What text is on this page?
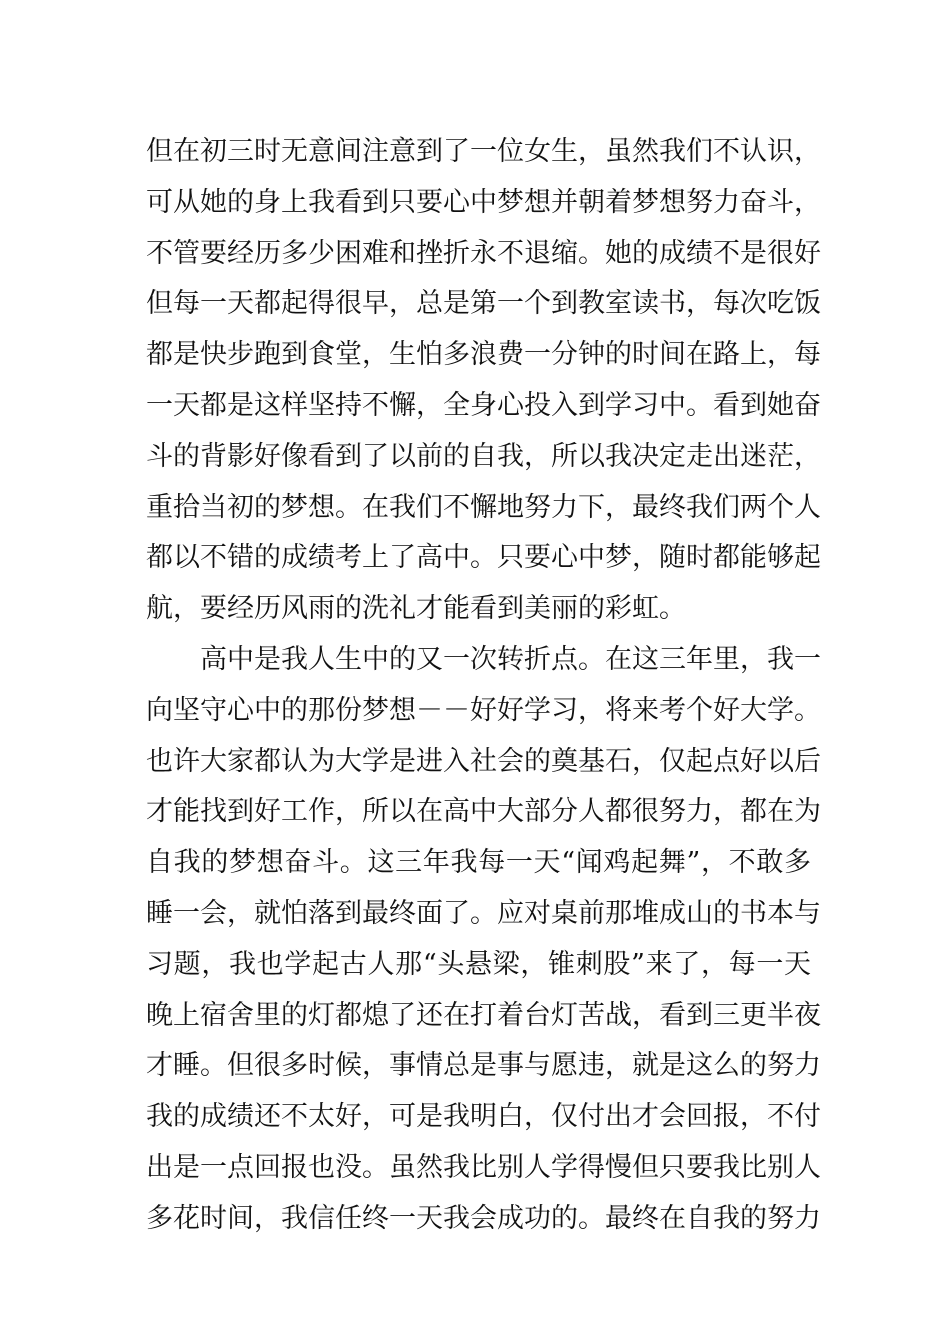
但在初三时无意间注意到了一位女生，虽然我们不认识，
可从她的身上我看到只要心中梦想并朝着梦想努力奋斗，
不管要经历多少困难和挫折永不退缩。她的成绩不是很好
但每一天都起得很早，总是第一个到教室读书，每次吃饭
都是快步跑到食堂，生怕多浪费一分钟的时间在路上，每
一天都是这样坚持不懈，全身心投入到学习中。看到她奋
斗的背影好像看到了以前的自我，所以我决定走出迷茫，
重拾当初的梦想。在我们不懈地努力下，最终我们两个人
都以不错的成绩考上了高中。只要心中梦，随时都能够起
航，要经历风雨的洗礼才能看到美丽的彩虹。
高中是我人生中的又一次转折点。在这三年里，我一
向坚守心中的那份梦想－－好好学习，将来考个好大学。
也许大家都认为大学是进入社会的奠基石，仅起点好以后
才能找到好工作，所以在高中大部分人都很努力，都在为
自我的梦想奋斗。这三年我每一天“闻鸡起舞”，不敢多
睡一会，就怕落到最终面了。应对桌前那堆成山的书本与
习题，我也学起古人那“头悬梁，锥刺股”来了，每一天
晚上宿舍里的灯都熄了还在打着台灯苦战，看到三更半夜
才睡。但很多时候，事情总是事与愿违，就是这么的努力
我的成绩还不太好，可是我明白，仅付出才会回报，不付
出是一点回报也没。虽然我比别人学得慢但只要我比别人
多花时间，我信任终一天我会成功的。最终在自我的努力
